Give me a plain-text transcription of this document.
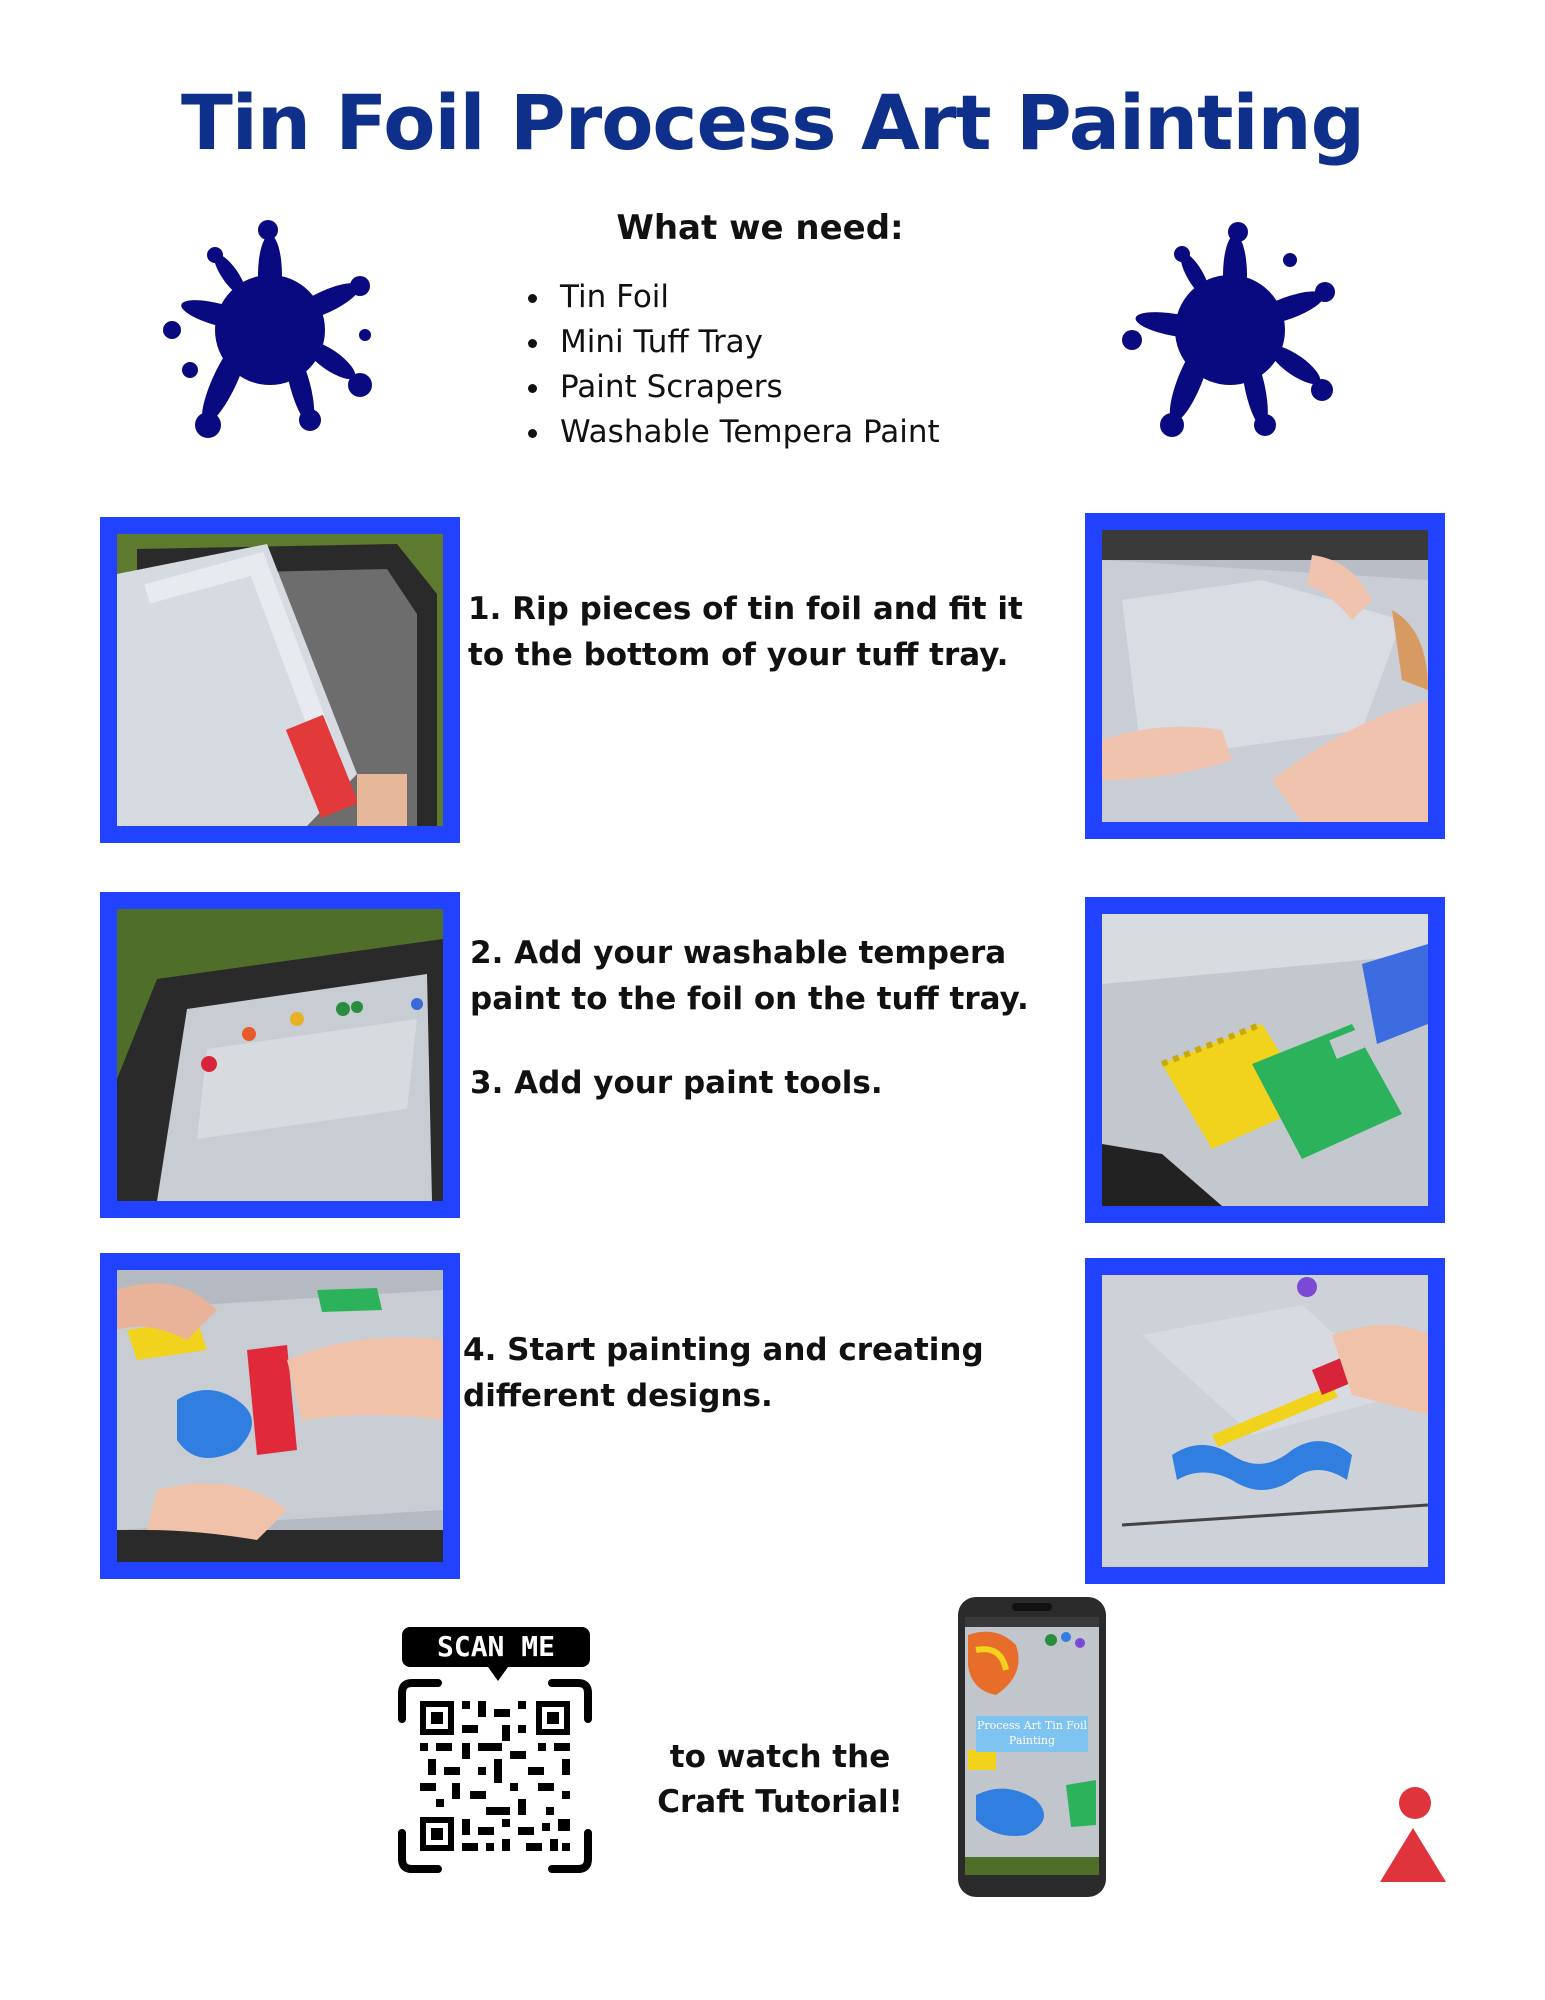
Tin Foil Process Art Painting
What we need:
Tin Foil
Mini Tuff Tray
Paint Scrapers
Washable Tempera Paint
1. Rip pieces of tin foil and fit it to the bottom of your tuff tray.
2. Add your washable tempera paint to the foil on the tuff tray.
3. Add your paint tools.
4. Start painting and creating different designs.
SCAN ME
to watch the Craft Tutorial!
Process Art Tin Foil Painting
